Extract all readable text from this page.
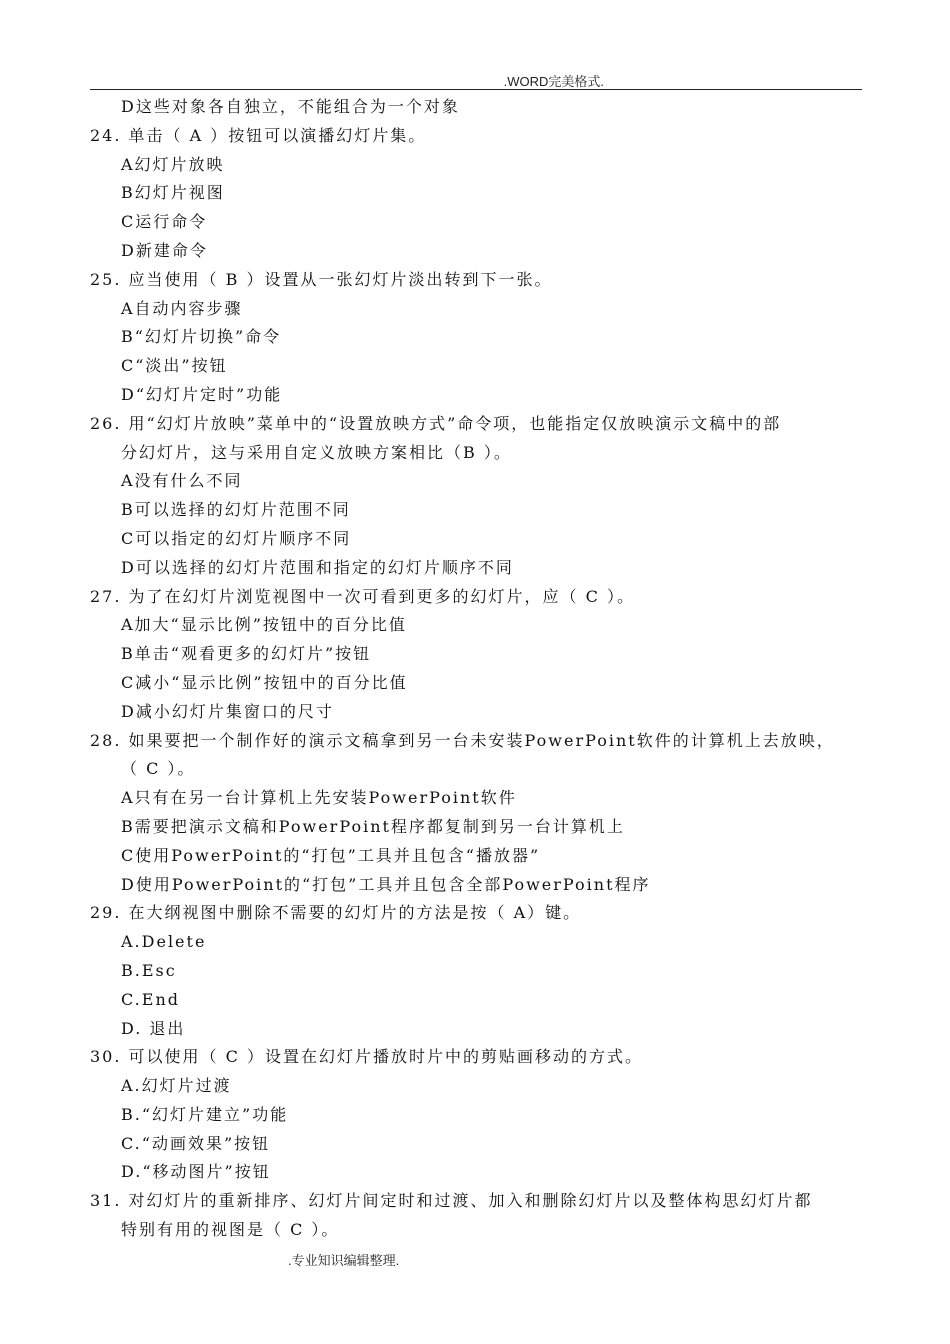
.WORD完美格式.
D这些对象各自独立，不能组合为一个对象
24. 单击（ A ）按钮可以演播幻灯片集。
A幻灯片放映
B幻灯片视图
C运行命令
D新建命令
25. 应当使用（ B ）设置从一张幻灯片淡出转到下一张。
A自动内容步骤
B“幻灯片切换”命令
C“淡出”按钮
D“幻灯片定时”功能
26. 用“幻灯片放映”菜单中的“设置放映方式”命令项，也能指定仅放映演示文稿中的部
分幻灯片，这与采用自定义放映方案相比（B ）。
A没有什么不同
B可以选择的幻灯片范围不同
C可以指定的幻灯片顺序不同
D可以选择的幻灯片范围和指定的幻灯片顺序不同
27. 为了在幻灯片浏览视图中一次可看到更多的幻灯片，应（ C ）。
A加大“显示比例”按钮中的百分比值
B单击“观看更多的幻灯片”按钮
C减小“显示比例”按钮中的百分比值
D减小幻灯片集窗口的尺寸
28. 如果要把一个制作好的演示文稿拿到另一台未安装PowerPoint软件的计算机上去放映，
（ C ）。
A只有在另一台计算机上先安装PowerPoint软件
B需要把演示文稿和PowerPoint程序都复制到另一台计算机上
C使用PowerPoint的“打包”工具并且包含“播放器”
D使用PowerPoint的“打包”工具并且包含全部PowerPoint程序
29. 在大纲视图中删除不需要的幻灯片的方法是按（ A）键。
A.Delete
B.Esc
C.End
D. 退出
30. 可以使用（ C ）设置在幻灯片播放时片中的剪贴画移动的方式。
A.幻灯片过渡
B.“幻灯片建立”功能
C.“动画效果”按钮
D.“移动图片”按钮
31. 对幻灯片的重新排序、幻灯片间定时和过渡、加入和删除幻灯片以及整体构思幻灯片都
特别有用的视图是（ C ）。
.专业知识编辑整理.
